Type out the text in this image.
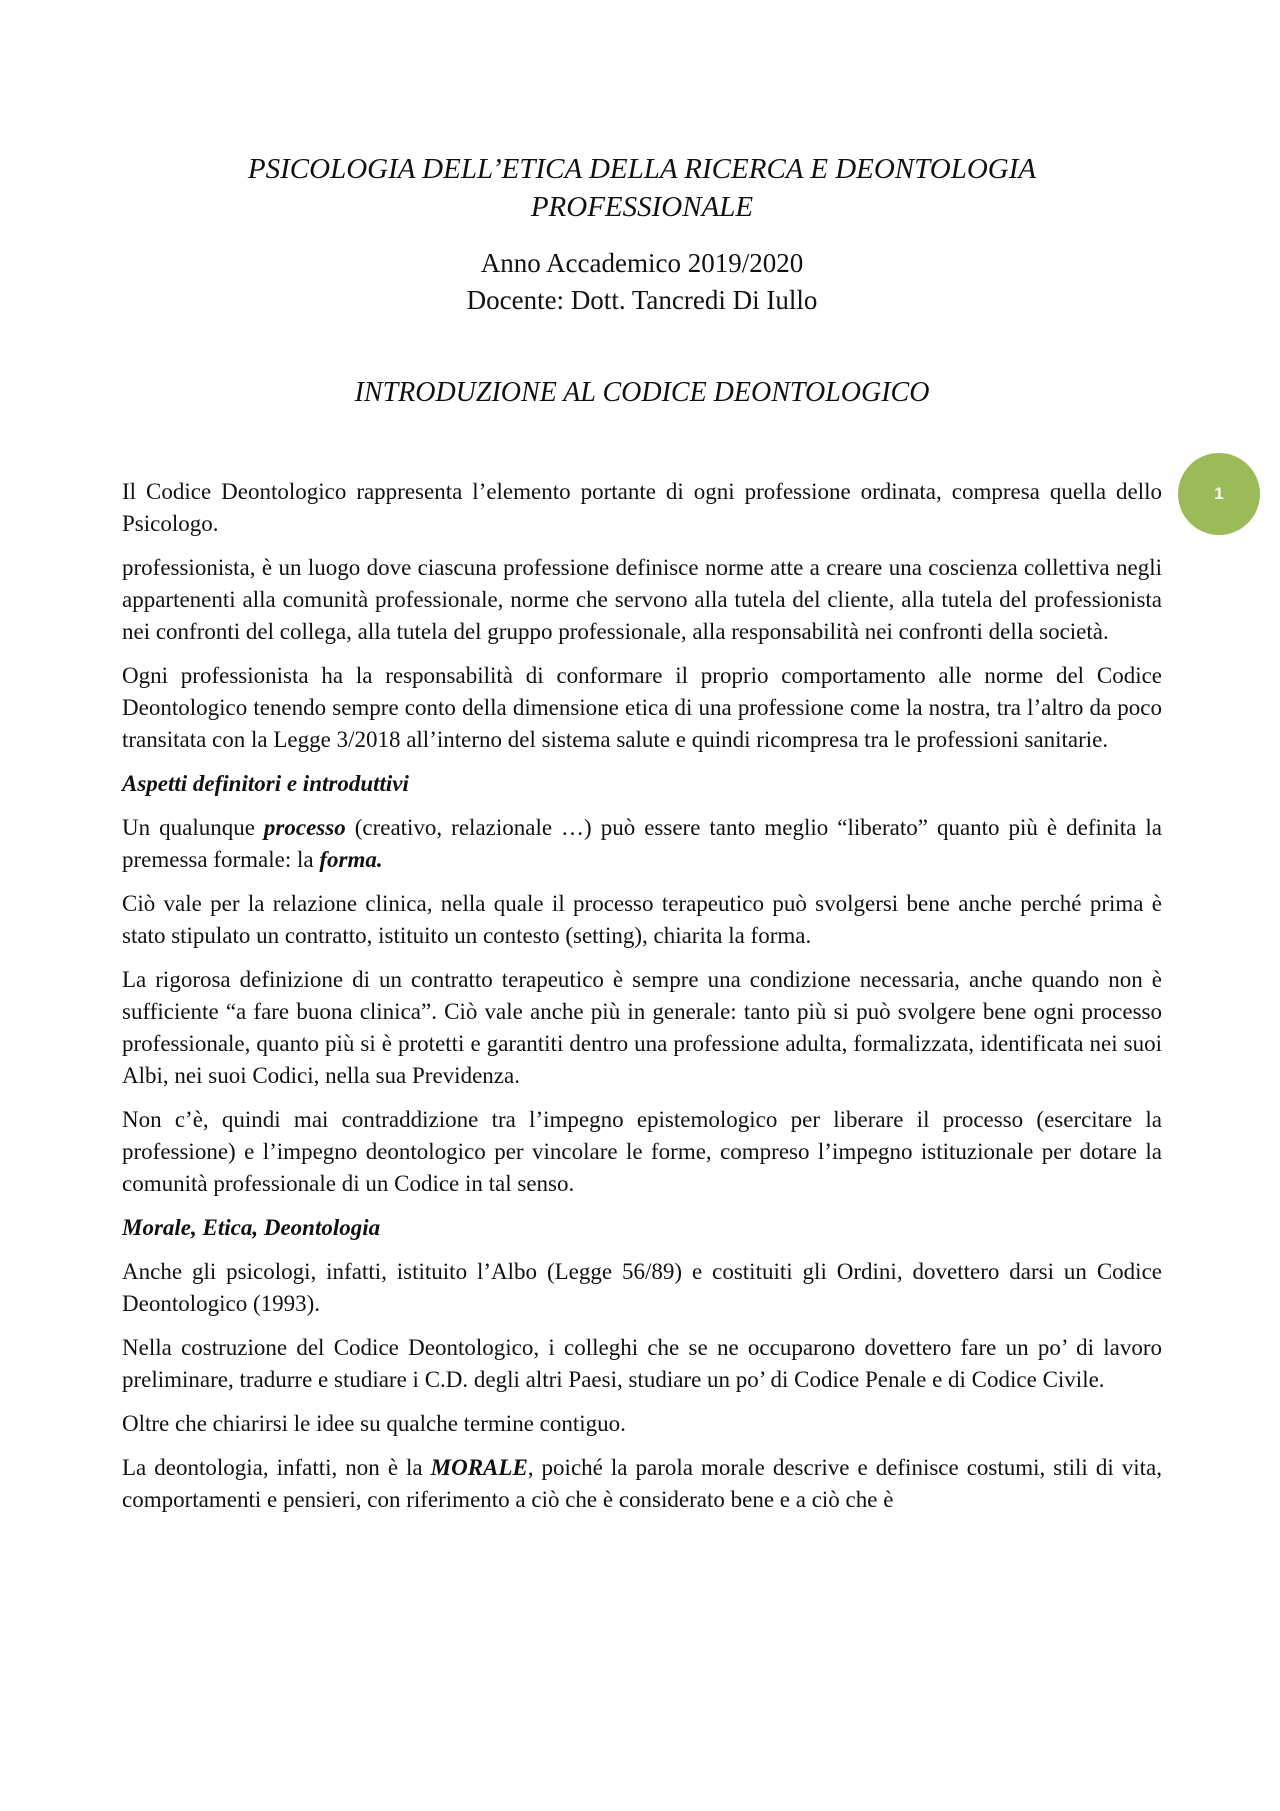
PSICOLOGIA DELL’ETICA DELLA RICERCA E DEONTOLOGIA
PROFESSIONALE
Anno Accademico 2019/2020
Docente: Dott. Tancredi Di Iullo
INTRODUZIONE AL CODICE DEONTOLOGICO
1

Il Codice Deontologico rappresenta l’elemento portante di ogni professione ordinata, compresa quella dello Psicologo.

professionista, è un luogo dove ciascuna professione definisce norme atte a creare una coscienza collettiva negli appartenenti alla comunità professionale, norme che servono alla tutela del cliente, alla tutela del professionista nei confronti del collega, alla tutela del gruppo professionale, alla responsabilità nei confronti della società.

Ogni professionista ha la responsabilità di conformare il proprio comportamento alle norme del Codice Deontologico tenendo sempre conto della dimensione etica di una professione come la nostra, tra l’altro da poco transitata con la Legge 3/2018 all’interno del sistema salute e quindi ricompresa tra le professioni sanitarie.

Aspetti definitori e introduttivi

Un qualunque processo (creativo, relazionale …) può essere tanto meglio “liberato” quanto più è definita la premessa formale: la forma.

Ciò vale per la relazione clinica, nella quale il processo terapeutico può svolgersi bene anche perché prima è stato stipulato un contratto, istituito un contesto (setting), chiarita la forma.

La rigorosa definizione di un contratto terapeutico è sempre una condizione necessaria, anche quando non è sufficiente “a fare buona clinica”. Ciò vale anche più in generale: tanto più si può svolgere bene ogni processo professionale, quanto più si è protetti e garantiti dentro una professione adulta, formalizzata, identificata nei suoi Albi, nei suoi Codici, nella sua Previdenza.

Non c’è, quindi mai contraddizione tra l’impegno epistemologico per liberare il processo (esercitare la professione) e l’impegno deontologico per vincolare le forme, compreso l’impegno istituzionale per dotare la comunità professionale di un Codice in tal senso.

Morale, Etica, Deontologia

Anche gli psicologi, infatti, istituito l’Albo (Legge 56/89) e costituiti gli Ordini, dovettero darsi un Codice Deontologico (1993).

Nella costruzione del Codice Deontologico, i colleghi che se ne occuparono dovettero fare un po’ di lavoro preliminare, tradurre e studiare i C.D. degli altri Paesi, studiare un po’ di Codice Penale e di Codice Civile.

Oltre che chiarirsi le idee su qualche termine contiguo.

La deontologia, infatti, non è la MORALE, poiché la parola morale descrive e definisce costumi, stili di vita, comportamenti e pensieri, con riferimento a ciò che è considerato bene e a ciò che è
